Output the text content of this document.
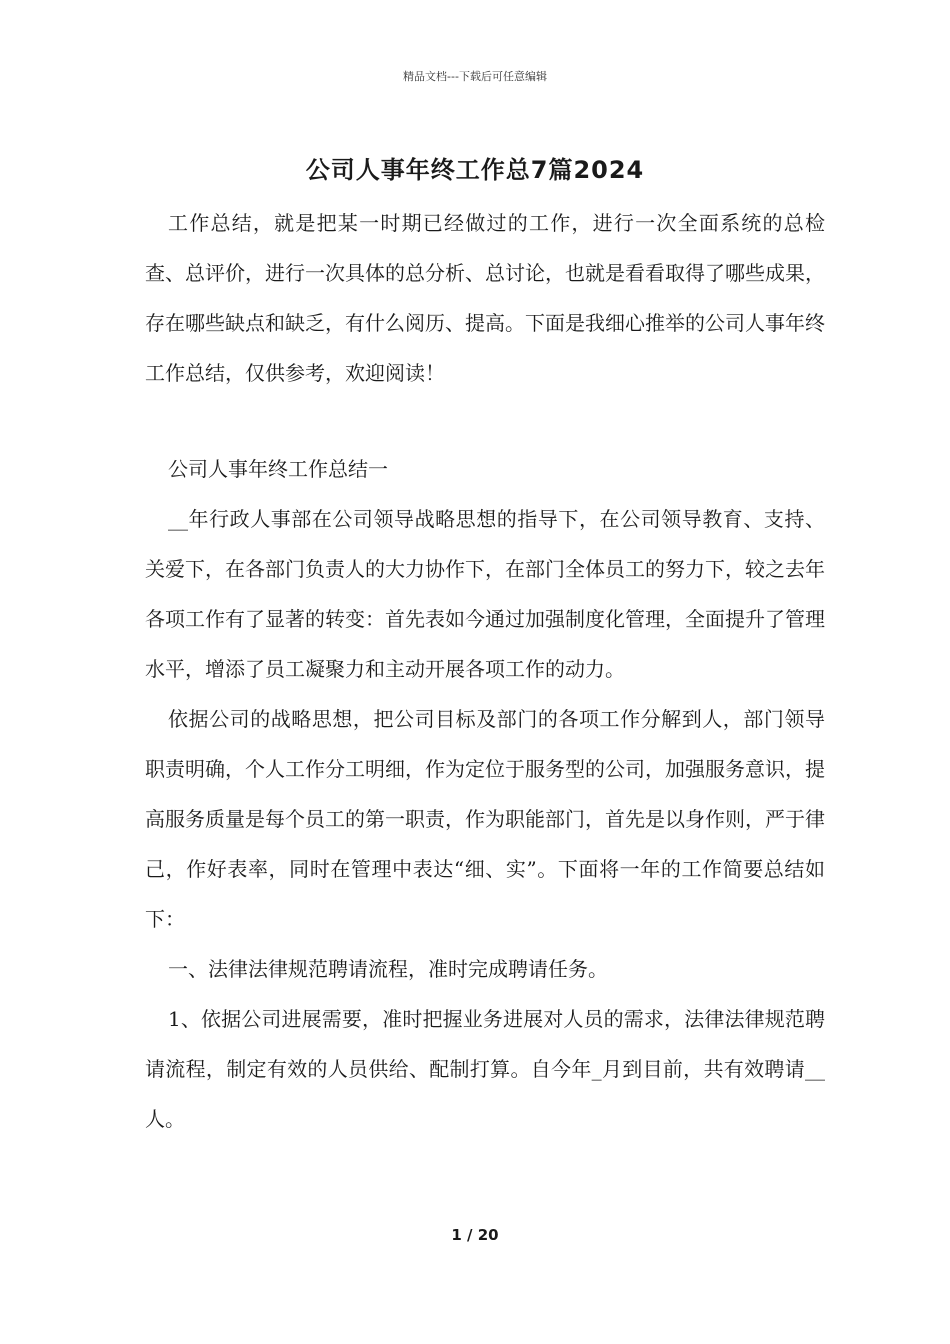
精品文档---下载后可任意编辑
公司人事年终工作总7篇2024

工作总结，就是把某一时期已经做过的工作，进行一次全面系统的总检查、总评价，进行一次具体的总分析、总讨论，也就是看看取得了哪些成果，存在哪些缺点和缺乏，有什么阅历、提高。下面是我细心推举的公司人事年终工作总结，仅供参考，欢迎阅读！

公司人事年终工作总结一

__年行政人事部在公司领导战略思想的指导下，在公司领导教育、支持、关爱下，在各部门负责人的大力协作下，在部门全体员工的努力下，较之去年各项工作有了显著的转变：首先表如今通过加强制度化管理，全面提升了管理水平，增添了员工凝聚力和主动开展各项工作的动力。

依据公司的战略思想，把公司目标及部门的各项工作分解到人，部门领导职责明确，个人工作分工明细，作为定位于服务型的公司，加强服务意识，提高服务质量是每个员工的第一职责，作为职能部门，首先是以身作则，严于律己，作好表率，同时在管理中表达“细、实”。下面将一年的工作简要总结如下：

一、法律法律规范聘请流程，准时完成聘请任务。

1、依据公司进展需要，准时把握业务进展对人员的需求，法律法律规范聘请流程，制定有效的人员供给、配制打算。自今年_月到目前，共有效聘请__人。

1 / 20
